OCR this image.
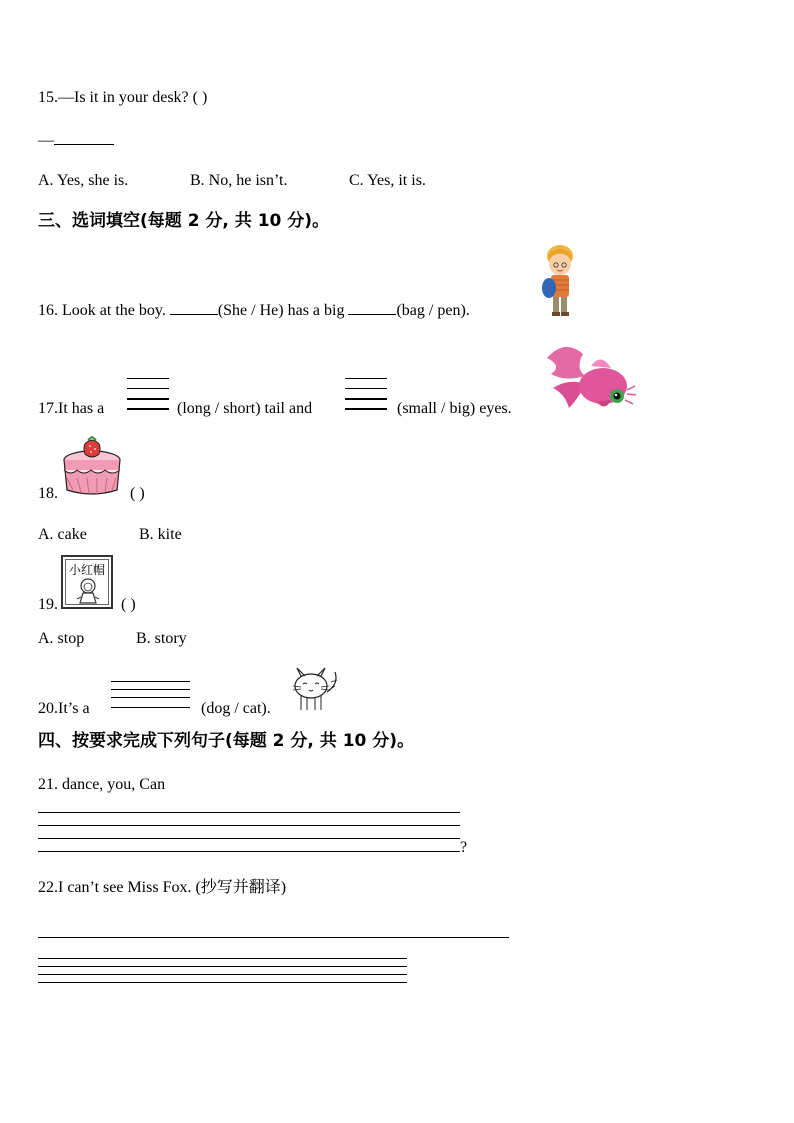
15.—Is it in your desk? ( )
—
A. Yes, she is.	B. No, he isn’t.	C. Yes, it is.
三、选词填空(每题 2 分, 共 10 分)。
16. Look at the boy.	(She / He) has a big	(bag / pen).
17.It has a	(long / short) tail and	(small / big) eyes.
18.	( )
A. cake	B. kite
小红帽
19.	( )
A. stop	B. story
20.It’s a	(dog / cat).
四、按要求完成下列句子(每题 2 分, 共 10 分)。
21. dance, you, Can
?
22.I can’t see Miss Fox. (抄写并翻译)
